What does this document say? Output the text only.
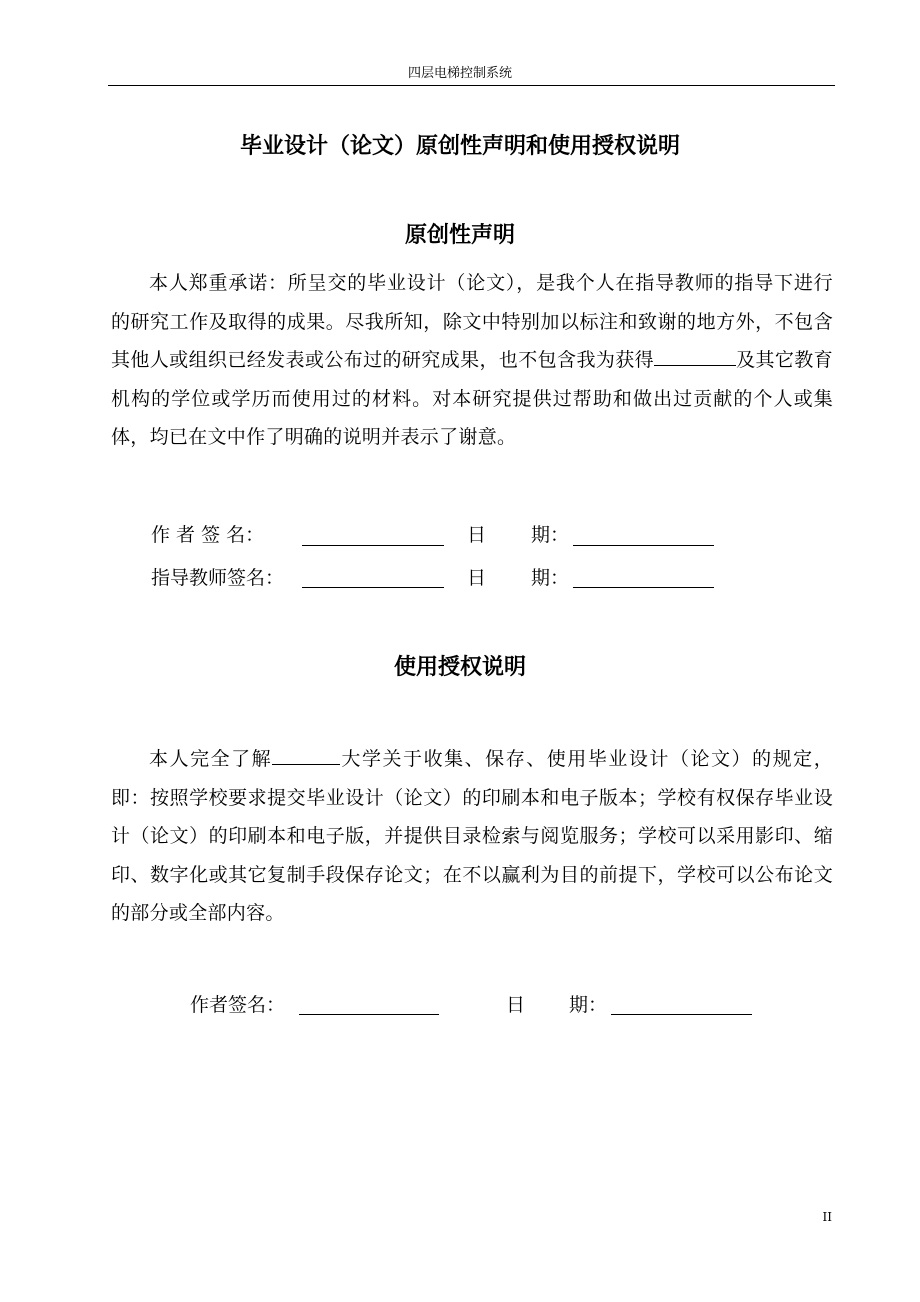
四层电梯控制系统
毕业设计（论文）原创性声明和使用授权说明
原创性声明

本人郑重承诺：所呈交的毕业设计（论文），是我个人在指导教师的指导下进行的研究工作及取得的成果。尽我所知，除文中特别加以标注和致谢的地方外，不包含其他人或组织已经发表或公布过的研究成果，也不包含我为获得	及其它教育机构的学位或学历而使用过的材料。对本研究提供过帮助和做出过贡献的个人或集体，均已在文中作了明确的说明并表示了谢意。

作 者 签 名：	日 期：
指导教师签名：	日 期：
使用授权说明

本人完全了解	大学关于收集、保存、使用毕业设计（论文）的规定，即：按照学校要求提交毕业设计（论文）的印刷本和电子版本；学校有权保存毕业设计（论文）的印刷本和电子版，并提供目录检索与阅览服务；学校可以采用影印、缩印、数字化或其它复制手段保存论文；在不以赢利为目的前提下，学校可以公布论文的部分或全部内容。

作者签名：	日 期：
II
